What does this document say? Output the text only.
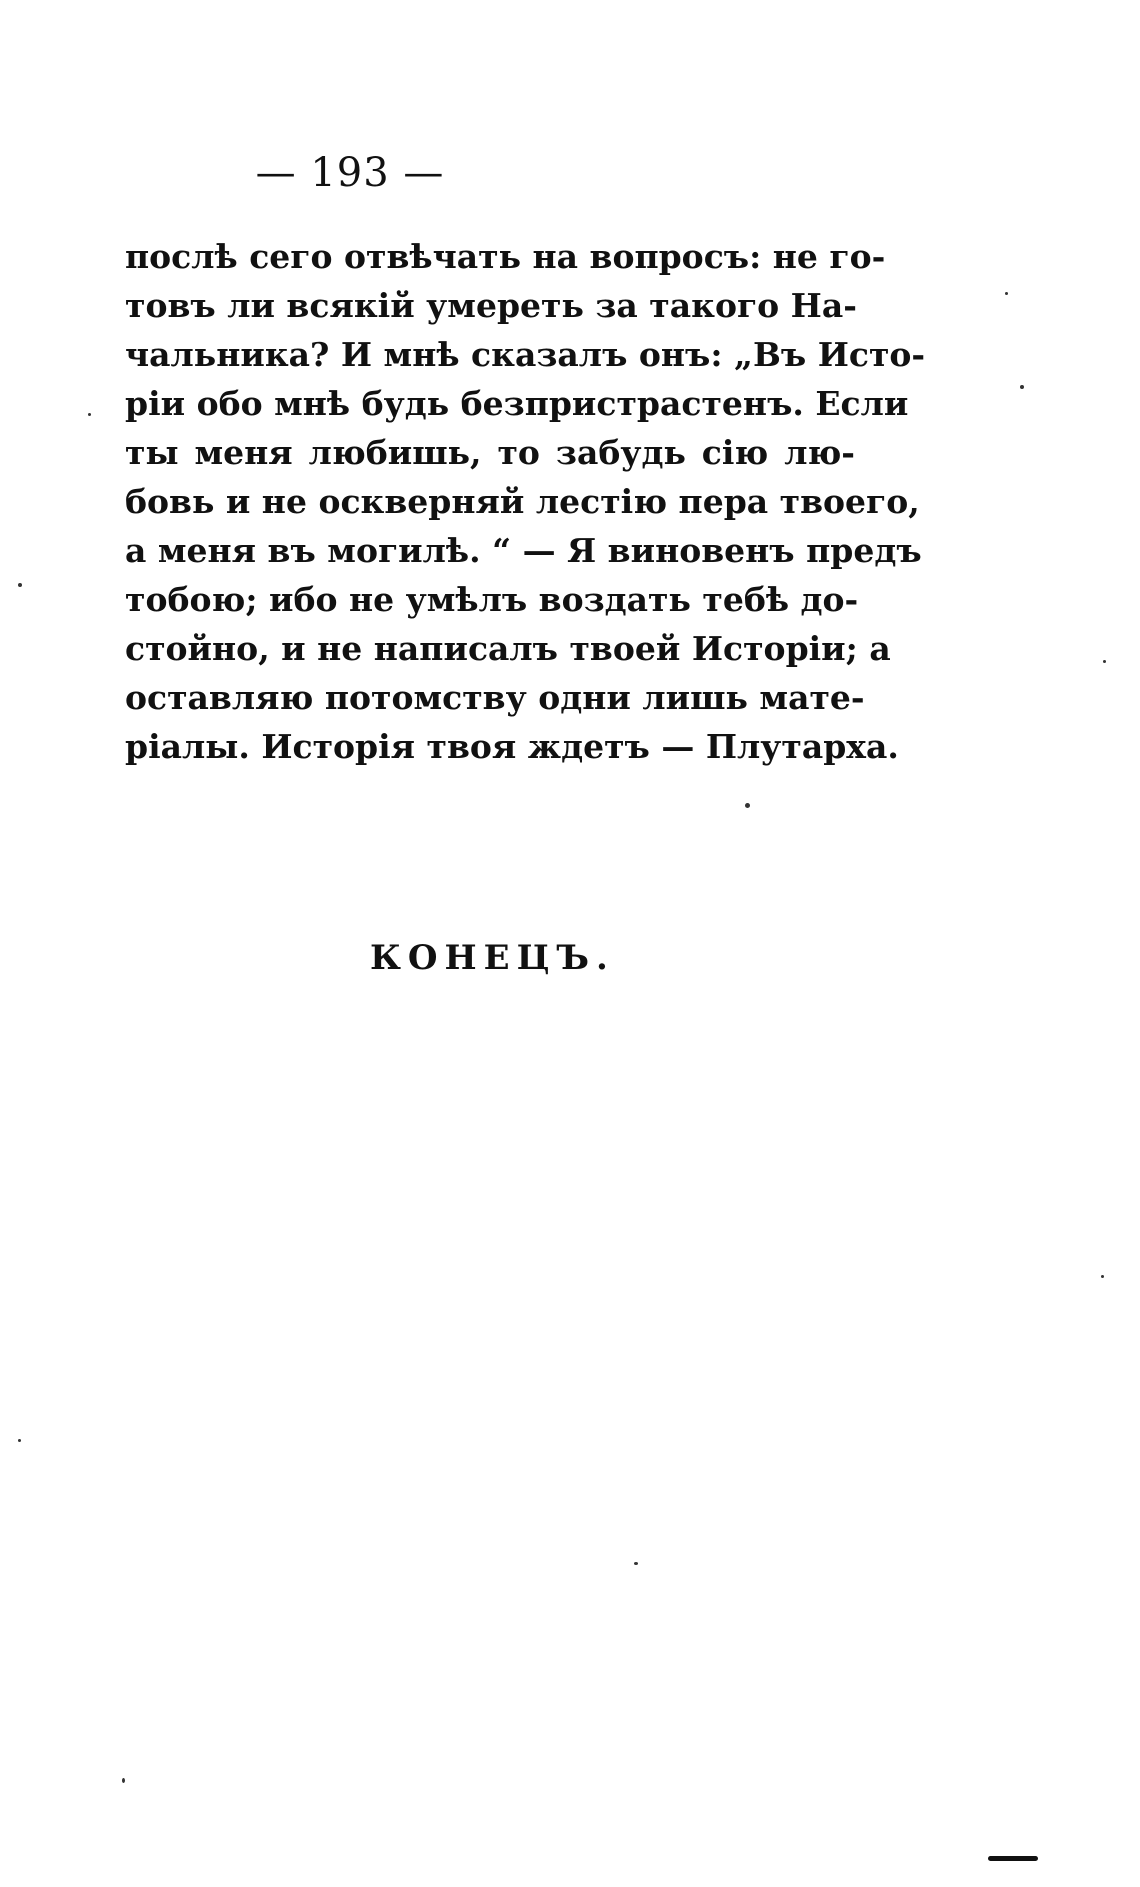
— 193 —
послѣ сего отвѣчать на вопросъ: не го-
товъ ли всякій умереть за такого На-
чальника? И мнѣ сказалъ онъ: „Въ Исто-
ріи обо мнѣ будь безпристрастенъ. Если
ты меня любишь, то забудь сію лю-
бовь и не оскверняй лестію пера твоего,
а меня въ могилѣ. “ — Я виновенъ предъ
тобою; ибо не умѣлъ воздать тебѣ до-
стойно, и не написалъ твоей Исторіи; а
оставляю потомству одни лишь мате-
ріалы. Исторія твоя ждетъ — Плутарха.
КОНЕЦЪ.
